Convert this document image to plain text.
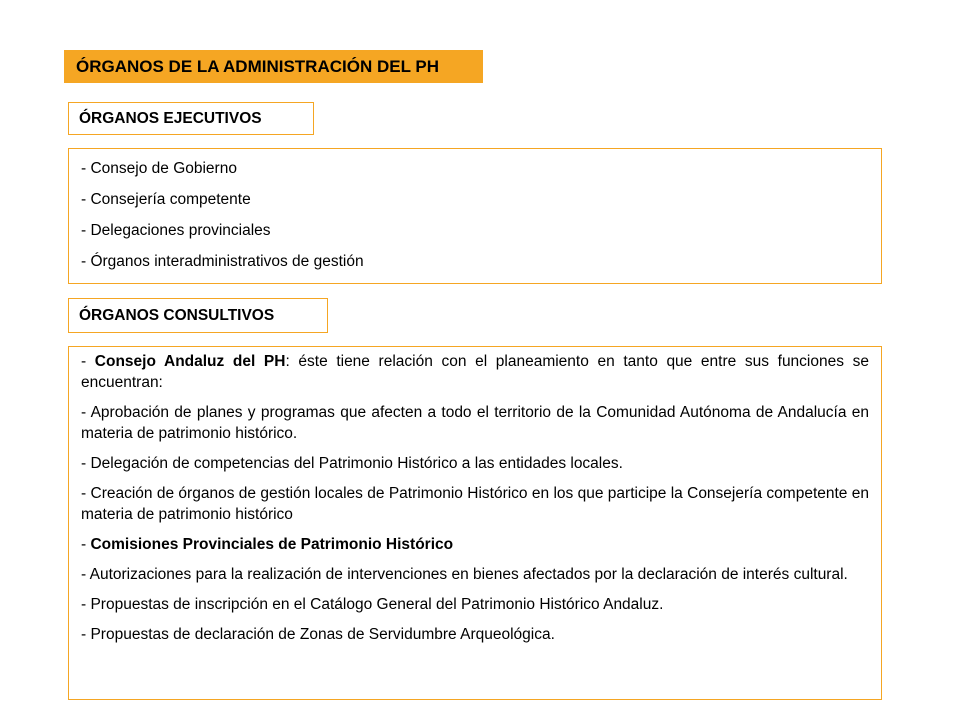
ÓRGANOS DE LA ADMINISTRACIÓN DEL PH
ÓRGANOS EJECUTIVOS
- Consejo de Gobierno
- Consejería competente
- Delegaciones provinciales
- Órganos interadministrativos de gestión
ÓRGANOS CONSULTIVOS

- Consejo Andaluz del PH: éste tiene relación con el planeamiento en tanto que entre sus funciones se encuentran:

- Aprobación de planes y programas que afecten a todo el territorio de la Comunidad Autónoma de Andalucía en materia de patrimonio histórico.

- Delegación de competencias del Patrimonio Histórico a las entidades locales.

- Creación de órganos de gestión locales de Patrimonio Histórico en los que participe la Consejería competente en materia de patrimonio histórico

- Comisiones Provinciales de Patrimonio Histórico

- Autorizaciones para la realización de intervenciones en bienes afectados por la declaración de interés cultural.

- Propuestas de inscripción en el Catálogo General del Patrimonio Histórico Andaluz.

- Propuestas de declaración de Zonas de Servidumbre Arqueológica.
